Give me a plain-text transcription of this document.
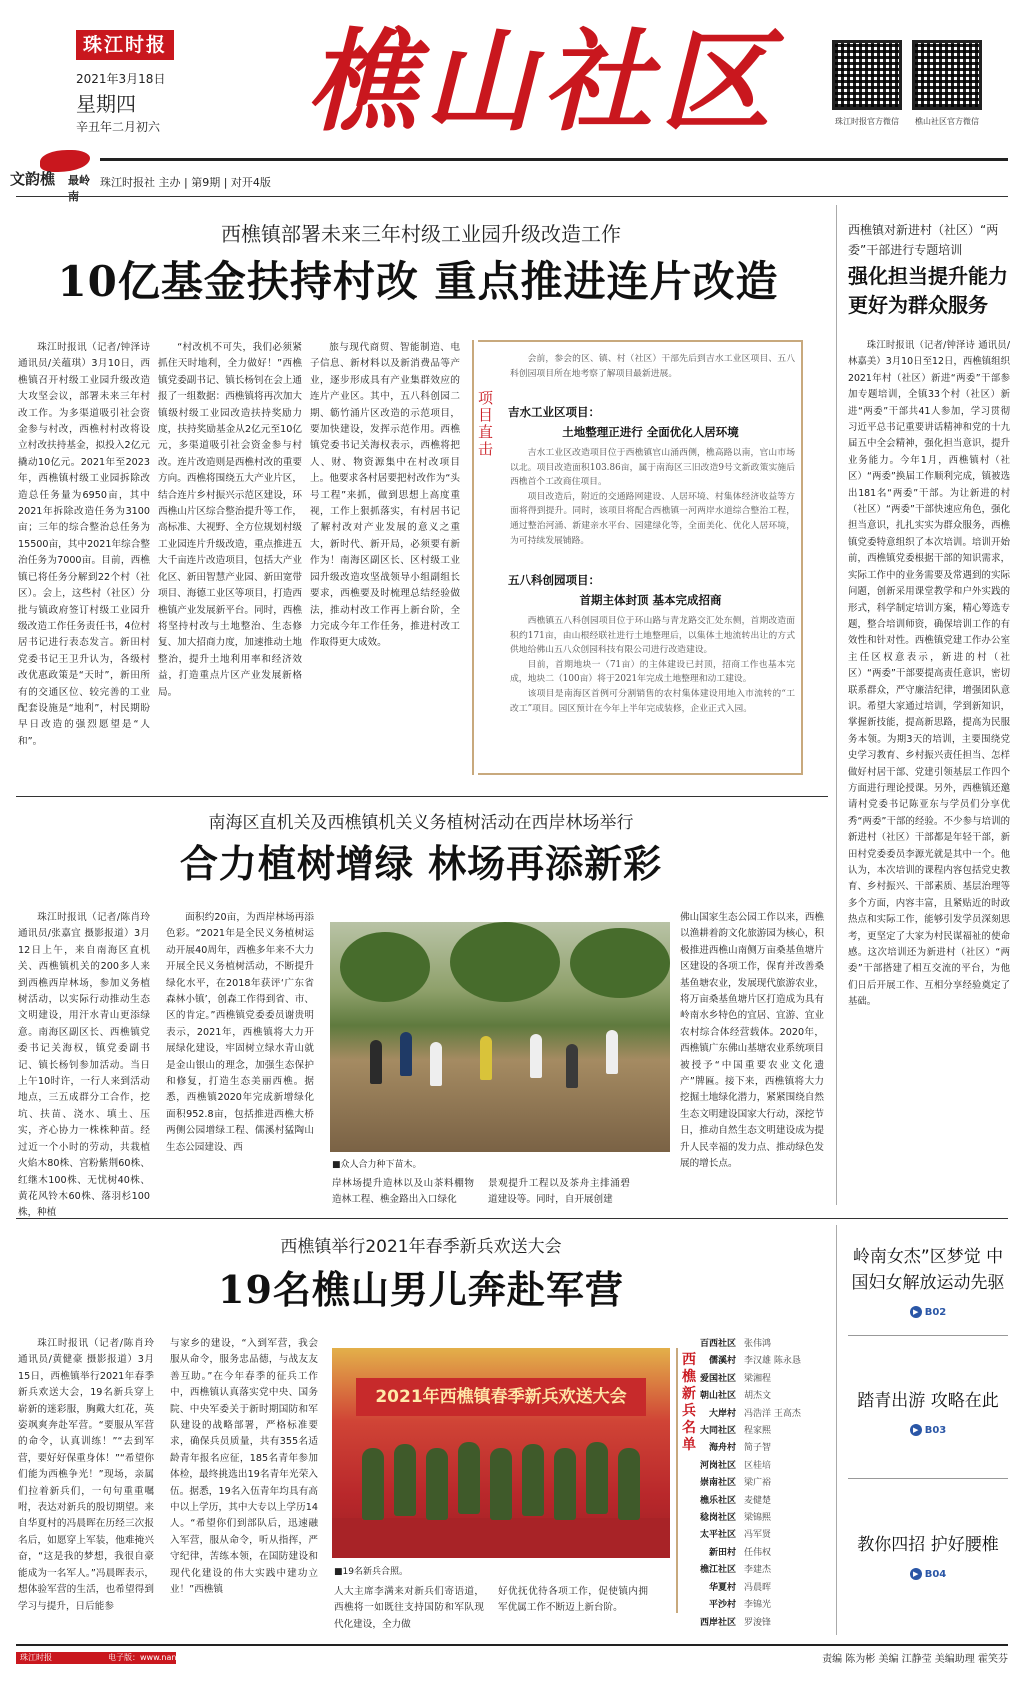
珠江时报
2021年3月18日
星期四
辛丑年二月初六 樵山社区	珠江时报官方微信	樵山社区官方微信
文韵樵 最岭南
珠江时报社 主办 | 第9期 | 对开4版
西樵镇部署未来三年村级工业园升级改造工作
10亿基金扶持村改 重点推进连片改造

珠江时报讯（记者/钟泽诗 通讯员/关蕴琪）3月10日，西樵镇召开村级工业园升级改造大攻坚会议，部署未来三年村改工作。为多渠道吸引社会资金参与村改，西樵村村改将设立村改扶持基金，拟投入2亿元撬动10亿元。2021年至2023年，西樵镇村级工业园拆除改造总任务量为6950亩，其中2021年拆除改造任务为3100亩；三年的综合整治总任务为15500亩，其中2021年综合整治任务为7000亩。目前，西樵镇已将任务分解到22个村（社区）。会上，这些村（社区）分批与镇政府签订村级工业园升级改造工作任务责任书，4位村居书记进行表态发言。新田村党委书记王卫升认为，各级村改优惠政策是“天时”，新田所有的交通区位、较完善的工业配套设施是“地利”，村民期盼早日改造的强烈愿望是“人和”。

“村改机不可失，我们必须紧抓住天时地利，全力做好！”西樵镇党委副书记、镇长杨钊在会上通报了一组数据：西樵镇将再次加大镇级村级工业园改造扶持奖励力度，扶持奖励基金从2亿元至10亿元，多渠道吸引社会资金参与村改。连片改造则是西樵村改的重要方向。西樵将围绕五大产业片区，结合连片乡村振兴示范区建设，环西樵山片区综合整治提升等工作，高标准、大视野、全方位规划村级工业园连片升级改造，重点推进五大千亩连片改造项目，包括大产业化区、新田智慧产业园、新田宽带项目、海德工业区等项目，打造西樵镇产业发展新平台。同时，西樵将坚持村改与土地整治、生态修复、加大招商力度，加速推动土地整治，提升土地利用率和经济效益，打造重点片区产业发展新格局。

旅与现代商贸、智能制造、电子信息、新材料以及新消费品等产业，逐步形成具有产业集群效应的连片产业区。其中，五八科创园二期、簕竹涌片区改造的示范项目，要加快建设，发挥示范作用。西樵镇党委书记关海权表示，西樵将把人、财、物资源集中在村改项目上。他要求各村居要把村改作为“头号工程”来抓，做到思想上高度重视，工作上狠抓落实，有村居书记了解村改对产业发展的意义之重大，新时代、新开局，必须要有新作为！南海区副区长、区村级工业园升级改造攻坚战领导小组副组长要求，西樵要及时梳理总结经验做法，推动村改工作再上新台阶，全力完成今年工作任务，推进村改工作取得更大成效。

项目直击

会前，参会的区、镇、村（社区）干部先后到吉水工业区项目、五八科创园项目所在地考察了解项目最新进展。

吉水工业区项目：
土地整理正进行 全面优化人居环境

吉水工业区改造项目位于西樵镇官山涌西侧，樵高路以南，官山市场以北。项目改造面积103.86亩，属于南海区三旧改造9号文新政策实施后西樵首个工改商住项目。

项目改造后，附近的交通路网建设、人居环境、村集体经济收益等方面将得到提升。同时，该项目将配合西樵镇一河两岸水道综合整治工程，通过整治河涌、新建亲水平台、园建绿化等，全面美化、优化人居环境，为可持续发展铺路。

五八科创园项目：
首期主体封顶 基本完成招商

西樵镇五八科创园项目位于环山路与青龙路交汇处东侧，首期改造面积约171亩，由山根经联社进行土地整理后，以集体土地流转出让的方式供地给佛山五八众创园科技有限公司进行改造建设。

目前，首期地块一（71亩）的主体建设已封顶，招商工作也基本完成，地块二（100亩）将于2021年完成土地整理和动工建设。

该项目是南海区首例可分割销售的农村集体建设用地入市流转的“工改工”项目。园区预计在今年上半年完成装修，企业正式入园。

西樵镇对新进村（社区）“两委”干部进行专题培训
强化担当提升能力 更好为群众服务

珠江时报讯（记者/钟泽诗 通讯员/林嘉美）3月10日至12日，西樵镇组织2021年村（社区）新进“两委”干部参加专题培训，全镇33个村（社区）新进“两委”干部共41人参加，学习贯彻习近平总书记重要讲话精神和党的十九届五中全会精神，强化担当意识，提升业务能力。今年1月，西樵镇村（社区）“两委”换届工作顺利完成，镇被选出181名“两委”干部。为让新进的村（社区）“两委”干部快速应角色，强化担当意识，扎扎实实为群众服务，西樵镇党委特意组织了本次培训。培训开始前，西樵镇党委根据干部的知识需求，实际工作中的业务需要及常遇到的实际问题，创新采用课堂教学和户外实践的形式，科学制定培训方案，精心筹选专题，整合培训师资，确保培训工作的有效性和针对性。西樵镇党建工作办公室主任区权意表示，新进的村（社区）“两委”干部要提高责任意识，密切联系群众，严守廉洁纪律，增强团队意识。希望大家通过培训，学到新知识，掌握新技能，提高新思路，提高为民服务本领。为期3天的培训，主要围绕党史学习教育、乡村振兴责任担当、怎样做好村居干部、党建引领基层工作四个方面进行理论授课。另外，西樵镇还邀请村党委书记陈亚东与学员们分享优秀“两委”干部的经验。不少参与培训的新进村（社区）干部都是年轻干部，新田村党委委员李源光就是其中一个。他认为，本次培训的课程内容包括党史教育、乡村振兴、干部素质、基层治理等多个方面，内容丰富，且紧贴近的时政热点和实际工作，能够引发学员深刻思考，更坚定了大家为村民谋福祉的使命感。这次培训还为新进村（社区）“两委”干部搭建了相互交流的平台，为他们日后开展工作、互相分享经验奠定了基础。

南海区直机关及西樵镇机关义务植树活动在西岸林场举行
合力植树增绿 林场再添新彩

珠江时报讯（记者/陈肖玲 通讯员/张嘉宜 摄影报道）3月12日上午，来自南海区直机关、西樵镇机关的200多人来到西樵西岸林场，参加义务植树活动，以实际行动推动生态文明建设，用汗水青山更添绿意。南海区副区长、西樵镇党委书记关海权，镇党委副书记、镇长杨钊参加活动。当日上午10时许，一行人来到活动地点，三五成群分工合作，挖坑、扶苗、浇水、填土、压实，齐心协力一株株种苗。经过近一个小时的劳动，共栽植火焰木80株、宫粉紫荆60株、红继木100株、无忧树40株、黄花风铃木60株、落羽杉100株，种植

面积约20亩，为西岸林场再添色彩。“2021年是全民义务植树运动开展40周年，西樵多年来不大力开展全民义务植树活动，不断提升绿化水平，在2018年获评‘广东省森林小镇’，创森工作得到省、市、区的肯定。”西樵镇党委委员谢贵明表示，2021年，西樵镇将大力开展绿化建设，牢固树立绿水青山就是金山银山的理念，加强生态保护和修复，打造生态美丽西樵。据悉，西樵镇2020年完成新增绿化面积952.8亩，包括推进西樵大桥两侧公园增绿工程、儒溪村猛陶山生态公园建设、西

■众人合力种下苗木。

岸林场提升造林以及山茶料棚物造林工程、樵金路出入口绿化

景观提升工程以及茶舟主排涌碧道建设等。同时，自开展创建

佛山国家生态公园工作以来，西樵以渔耕着韵文化旅游园为核心，积极推进西樵山南侧万亩桑基鱼塘片区建设的各项工作，保育并改善桑基鱼塘农业，发展现代旅游农业，将万亩桑基鱼塘片区打造成为具有岭南水乡特色的宜居、宜游、宜业农村综合体经营载体。2020年，西樵镇广东佛山基塘农业系统项目被授予“中国重要农业文化遗产”牌匾。接下来，西樵镇将大力挖掘土地绿化潜力，紧紧围绕自然生态文明建设国家大行动，深挖节日，推动自然生态文明建设成为提升人民幸福的发力点、推动绿色发展的增长点。

西樵镇举行2021年春季新兵欢送大会
19名樵山男儿奔赴军营

珠江时报讯（记者/陈肖玲 通讯员/黄健豪 摄影报道）3月15日，西樵镇举行2021年春季新兵欢送大会，19名新兵穿上崭新的迷彩服，胸戴大红花，英姿飒爽奔赴军营。“要服从军营的命令，认真训练！”“去到军营，要好好保重身体！”“希望你们能为西樵争光！”现场，亲属们拉着新兵们，一句句重重嘱咐，表达对新兵的殷切期望。来自华夏村的冯晨晖在历经三次报名后，如愿穿上军装，他难掩兴奋，“这是我的梦想，我很自豪能成为一名军人。”冯晨晖表示，想体验军营的生活，也希望得到学习与提升，日后能参

与家乡的建设，“入到军营，我会服从命令，服务忠品德，与战友友善互助。”在今年春季的征兵工作中，西樵镇认真落实党中央、国务院、中央军委关于新时期国防和军队建设的战略部署，严格标准要求，确保兵员质量，共有355名适龄青年报名应征，185名青年参加体检，最终挑选出19名青年光荣入伍。据悉，19名入伍青年均具有高中以上学历，其中大专以上学历14人。“希望你们到部队后，迅速融入军营，服从命令，听从指挥，严守纪律，苦练本领，在国防建设和现代化建设的伟大实践中建功立业！”西樵镇

2021年西樵镇春季新兵欢送大会
■19名新兵合照。

人大主席李满来对新兵们寄语道，西樵将一如既往支持国防和军队现代化建设，全力做

好优抚优待各项工作，促使镇内拥军优属工作不断迈上新台阶。

西樵新兵名单
百西社区 张伟鸿
儒溪村 李汉雄 陈永恳
爱国社区 梁湘程
朝山社区 胡杰文
大岸村 冯浩洋 王高杰
大同社区 程家熙
海舟村 简子智
河岗社区 区桂培
崇南社区 梁广裕
樵乐社区 麦健楚
稔岗社区 梁锦熙
太平社区 冯军贤
新田村 任伟权
樵江社区 李建杰
华夏村 冯晨晖
平沙村 李锦光
西岸社区 罗浚锋
岭南女杰”区梦觉 中国妇女解放运动先驱
▶ B02
踏青出游 攻略在此
▶ B03
教你四招 护好腰椎
▶ B04
珠江时报	电子版：www.nanhaitoday.com	责编 陈为彬 美编 江静莹 美编助理 霍笑芬
